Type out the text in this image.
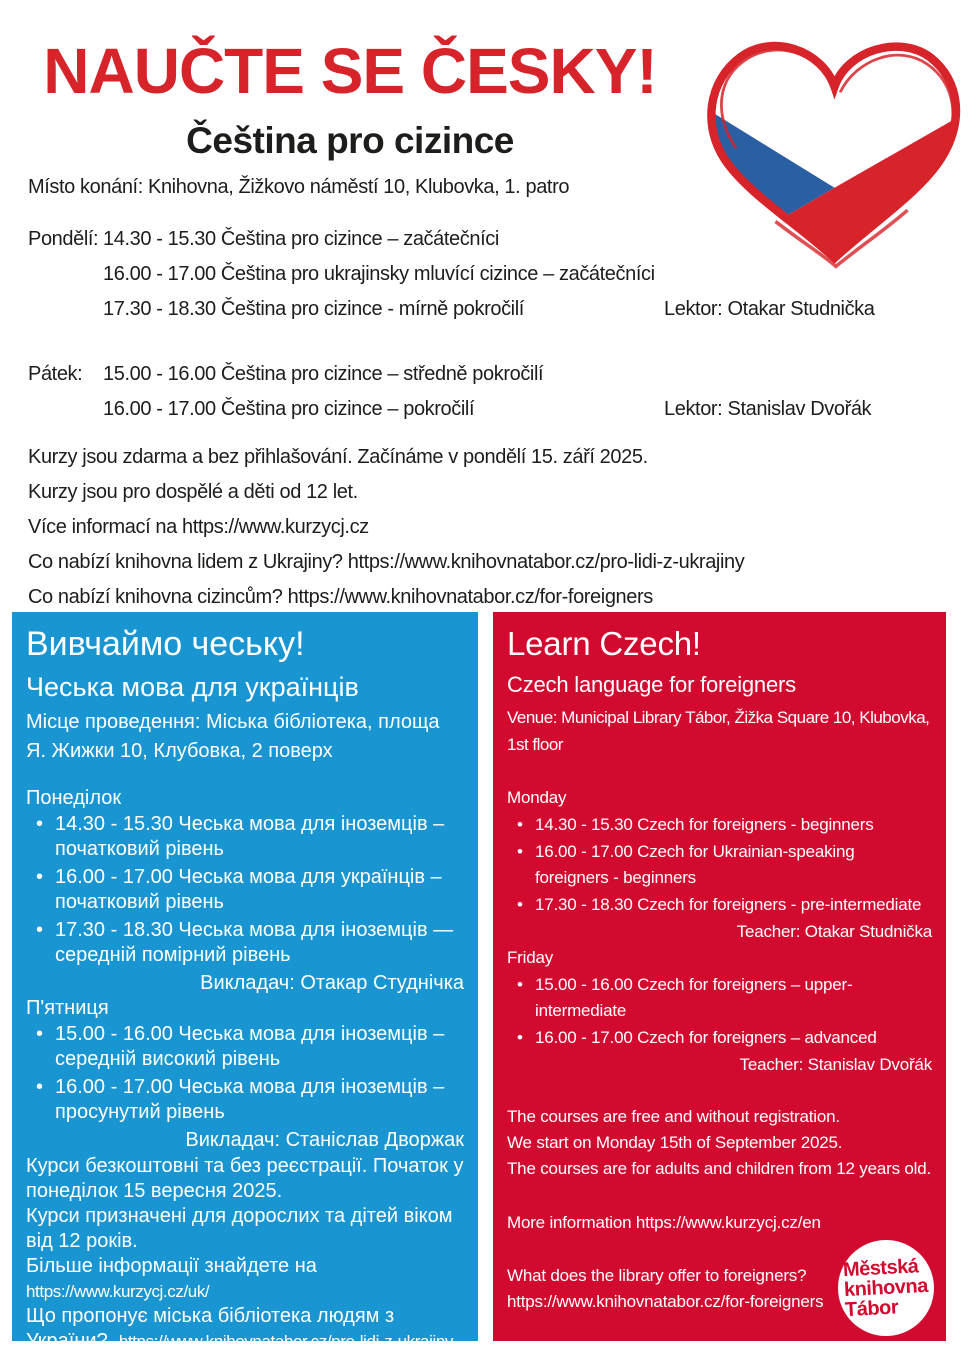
NAUČTE SE ČESKY!
Čeština pro cizince

Místo konání: Knihovna, Žižkovo náměstí 10, Klubovka, 1. patro

Pondělí: 14.30 - 15.30 Čeština pro cizince – začátečníci

16.00 - 17.00 Čeština pro ukrajinsky mluvící cizince – začátečníci

17.30 - 18.30 Čeština pro cizince - mírně pokročilí	Lektor: Otakar Studnička

Pátek: 15.00 - 16.00 Čeština pro cizince – středně pokročilí

16.00 - 17.00 Čeština pro cizince – pokročilí	Lektor: Stanislav Dvořák

Kurzy jsou zdarma a bez přihlašování. Začínáme v pondělí 15. září 2025.

Kurzy jsou pro dospělé a děti od 12 let.

Více informací na https://www.kurzycj.cz

Co nabízí knihovna lidem z Ukrajiny? https://www.knihovnatabor.cz/pro-lidi-z-ukrajiny

Co nabízí knihovna cizincům? https://www.knihovnatabor.cz/for-foreigners

Вивчаймо чеську!
Чеська мова для українців

Місце проведення: Міська бібліотека, площа Я. Жижки 10, Клубовка, 2 поверх

Понеділок

• 14.30 - 15.30 Чеська мова для іноземців – початковий рівень
• 16.00 - 17.00 Чеська мова для українців – початковий рівень
• 17.30 - 18.30 Чеська мова для іноземців — середній помірний рівень

Викладач: Отакар Студнічка

П'ятниця

• 15.00 - 16.00 Чеська мова для іноземців – середній високий рівень
• 16.00 - 17.00 Чеська мова для іноземців – просунутий рівень

Викладач: Станіслав Дворжак

Курси безкоштовні та без реєстрації. Початок у понеділок 15 вересня 2025.

Курси призначені для дорослих та дітей віком від 12 років.

Більше інформації знайдете на

https://www.kurzycj.cz/uk/

Що пропонує міська бібліотека людям з України? https://www.knihovnatabor.cz/pro-lidi-z-ukrajiny

Learn Czech!
Czech language for foreigners

Venue: Municipal Library Tábor, Žižka Square 10, Klubovka, 1st floor

Monday

• 14.30 - 15.30 Czech for foreigners - beginners
• 16.00 - 17.00 Czech for Ukrainian-speaking foreigners - beginners
• 17.30 - 18.30 Czech for foreigners - pre-intermediate

Teacher: Otakar Studnička

Friday

• 15.00 - 16.00 Czech for foreigners – upper-intermediate
• 16.00 - 17.00 Czech for foreigners – advanced

Teacher: Stanislav Dvořák

The courses are free and without registration.

We start on Monday 15th of September 2025.

The courses are for adults and children from 12 years old.

More information https://www.kurzycj.cz/en

What does the library offer to foreigners?

https://www.knihovnatabor.cz/for-foreigners

Městská
knihovna
Tábor
